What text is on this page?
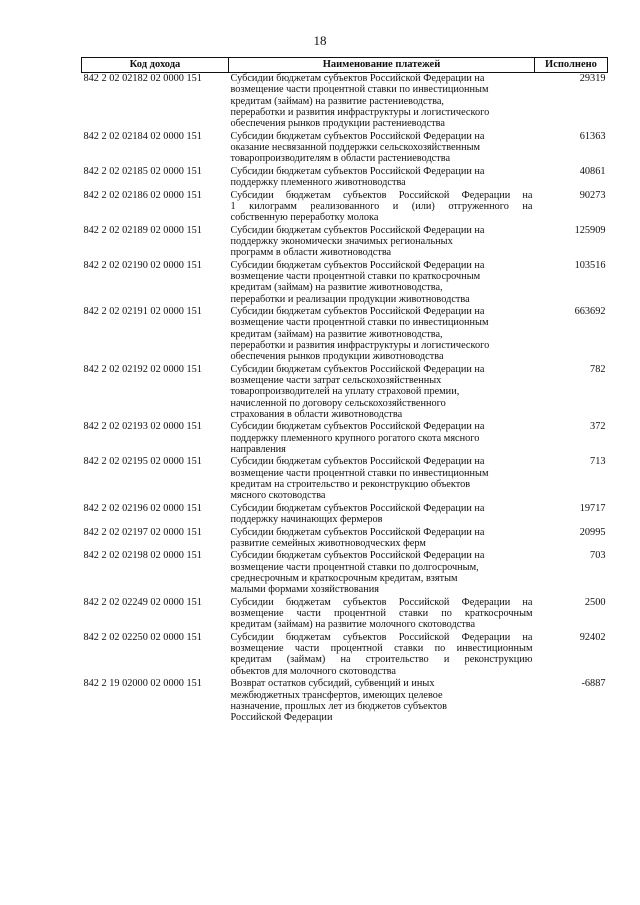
18
Код дохода	Наименование платежей	Исполнено
842 2 02 02182 02 0000 151	Субсидии бюджетам субъектов Российской Федерации на
возмещение части процентной ставки по инвестиционным
кредитам (займам) на развитие растениеводства,
переработки и развития инфраструктуры и логистического
обеспечения рынков продукции растениеводства	29319
842 2 02 02184 02 0000 151	Субсидии бюджетам субъектов Российской Федерации на
оказание несвязанной поддержки сельскохозяйственным
товаропроизводителям в области растениеводства	61363
842 2 02 02185 02 0000 151	Субсидии бюджетам субъектов Российской Федерации на
поддержку племенного животноводства	40861
842 2 02 02186 02 0000 151	Субсидии бюджетам субъектов Российской Федерации на
1 килограмм реализованного и (или) отгруженного на
собственную переработку молока	90273
842 2 02 02189 02 0000 151	Субсидии бюджетам субъектов Российской Федерации на
поддержку экономически значимых региональных
программ в области животноводства	125909
842 2 02 02190 02 0000 151	Субсидии бюджетам субъектов Российской Федерации на
возмещение части процентной ставки по краткосрочным
кредитам (займам) на развитие животноводства,
переработки и реализации продукции животноводства	103516
842 2 02 02191 02 0000 151	Субсидии бюджетам субъектов Российской Федерации на
возмещение части процентной ставки по инвестиционным
кредитам (займам) на развитие животноводства,
переработки и развития инфраструктуры и логистического
обеспечения рынков продукции животноводства	663692
842 2 02 02192 02 0000 151	Субсидии бюджетам субъектов Российской Федерации на
возмещение части затрат сельскохозяйственных
товаропроизводителей на уплату страховой премии,
начисленной по договору сельскохозяйственного
страхования в области животноводства	782
842 2 02 02193 02 0000 151	Субсидии бюджетам субъектов Российской Федерации на
поддержку племенного крупного рогатого скота мясного
направления	372
842 2 02 02195 02 0000 151	Субсидии бюджетам субъектов Российской Федерации на
возмещение части процентной ставки по инвестиционным
кредитам на строительство и реконструкцию объектов
мясного скотоводства	713
842 2 02 02196 02 0000 151	Субсидии бюджетам субъектов Российской Федерации на
поддержку начинающих фермеров	19717
842 2 02 02197 02 0000 151	Субсидии бюджетам субъектов Российской Федерации на
развитие семейных животноводческих ферм	20995
842 2 02 02198 02 0000 151	Субсидии бюджетам субъектов Российской Федерации на
возмещение части процентной ставки по долгосрочным,
среднесрочным и краткосрочным кредитам, взятым
малыми формами хозяйствования	703
842 2 02 02249 02 0000 151	Субсидии бюджетам субъектов Российской Федерации на
возмещение части процентной ставки по краткосрочным
кредитам (займам) на развитие молочного скотоводства	2500
842 2 02 02250 02 0000 151	Субсидии бюджетам субъектов Российской Федерации на
возмещение части процентной ставки по инвестиционным
кредитам (займам) на строительство и реконструкцию
объектов для молочного скотоводства	92402
842 2 19 02000 02 0000 151	Возврат остатков субсидий, субвенций и иных
межбюджетных трансфертов, имеющих целевое
назначение, прошлых лет из бюджетов субъектов
Российской Федерации	-6887
